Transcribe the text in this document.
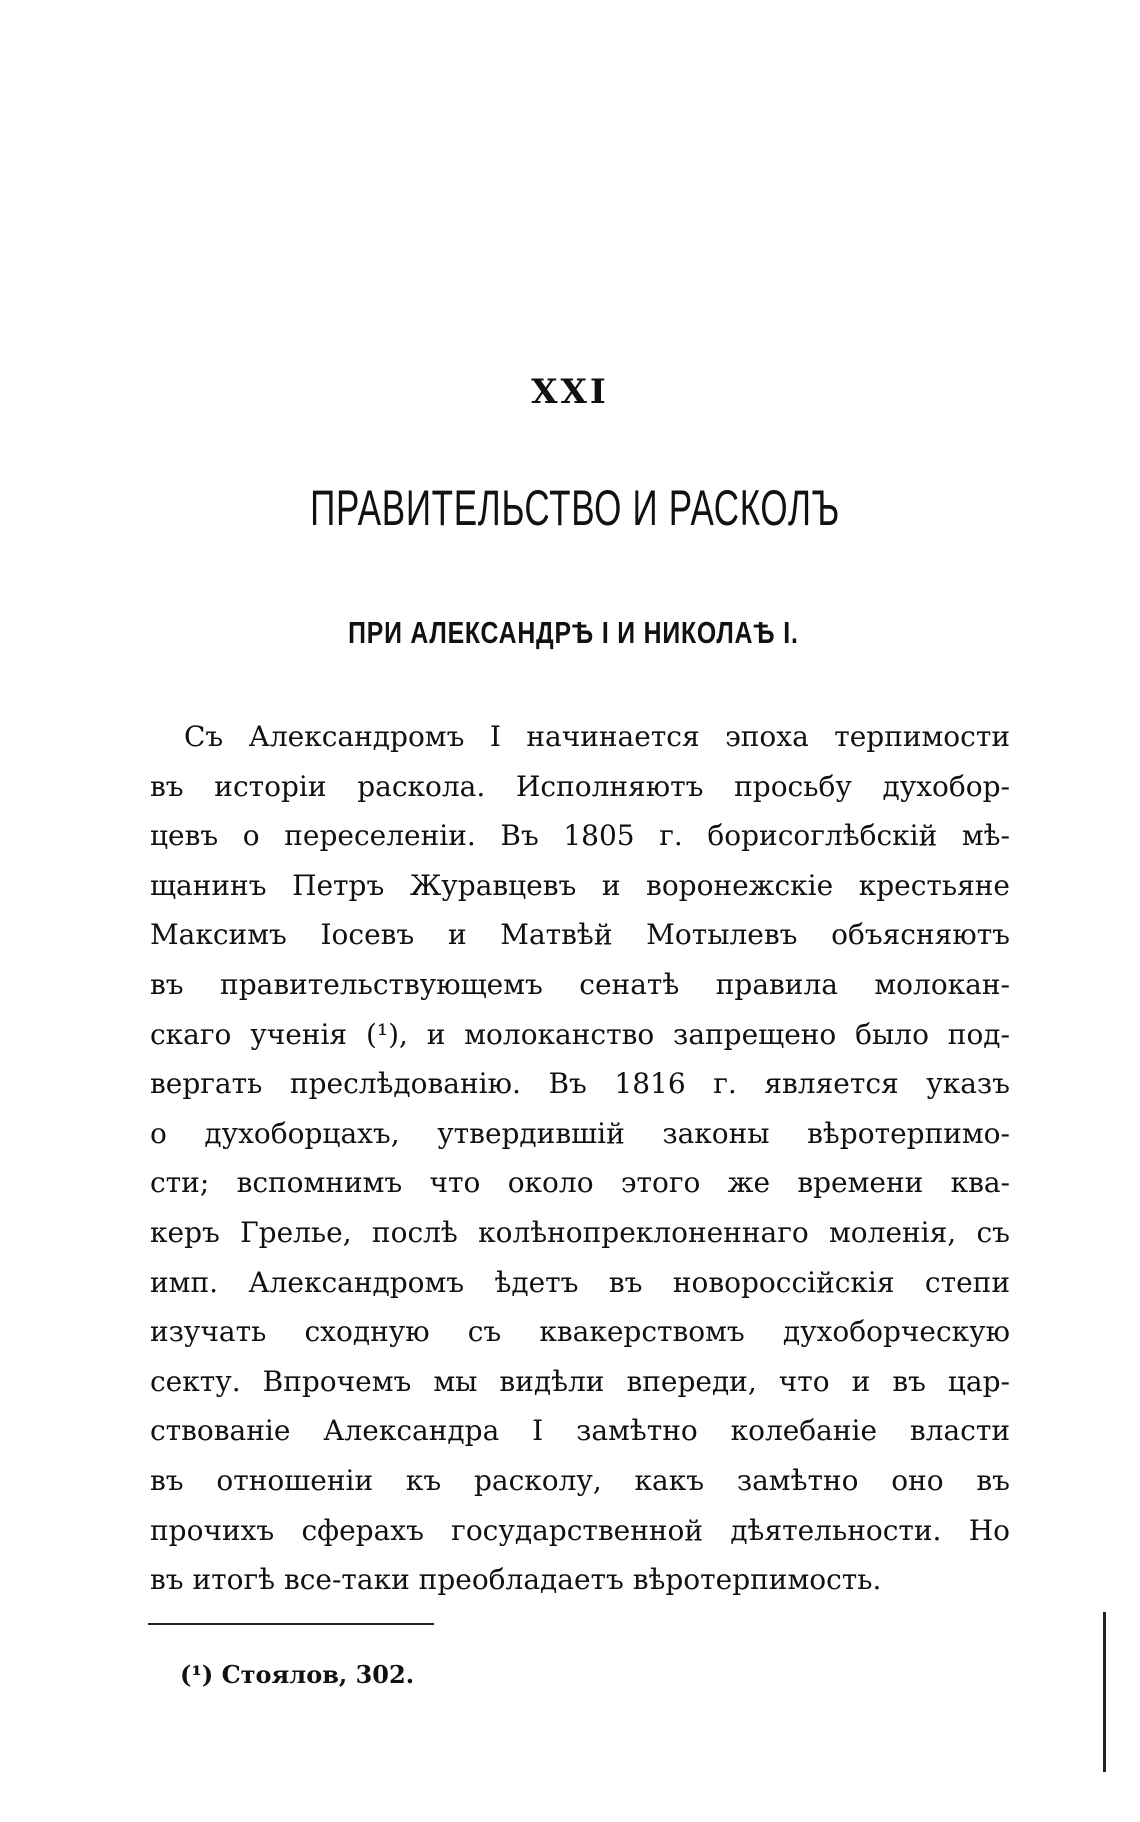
XXI
ПРАВИТЕЛЬСТВО И РАСКОЛЪ
ПРИ АЛЕКСАНДРѢ I И НИКОЛАѢ I.
Съ Александромъ I начинается эпоха терпимости
въ исторіи раскола. Исполняютъ просьбу духобор-
цевъ о переселеніи. Въ 1805 г. борисоглѣбскій мѣ-
щанинъ Петръ Журавцевъ и воронежскіе крестьяне
Максимъ Іосевъ и Матвѣй Мотылевъ объясняютъ
въ правительствующемъ сенатѣ правила молокан-
скаго ученія (¹), и молоканство запрещено было под-
вергать преслѣдованію. Въ 1816 г. является указъ
о духоборцахъ, утвердившій законы вѣротерпимо-
сти; вспомнимъ что около этого же времени ква-
керъ Грелье, послѣ колѣнопреклоненнаго моленія, съ
имп. Александромъ ѣдетъ въ новороссійскія степи
изучать сходную съ квакерствомъ духоборческую
секту. Впрочемъ мы видѣли впереди, что и въ цар-
ствованіе Александра I замѣтно колебаніе власти
въ отношеніи къ расколу, какъ замѣтно оно въ
прочихъ сферахъ государственной дѣятельности. Но
въ итогѣ все-таки преобладаетъ вѣротерпимость.
(¹) Стоялов, 302.
